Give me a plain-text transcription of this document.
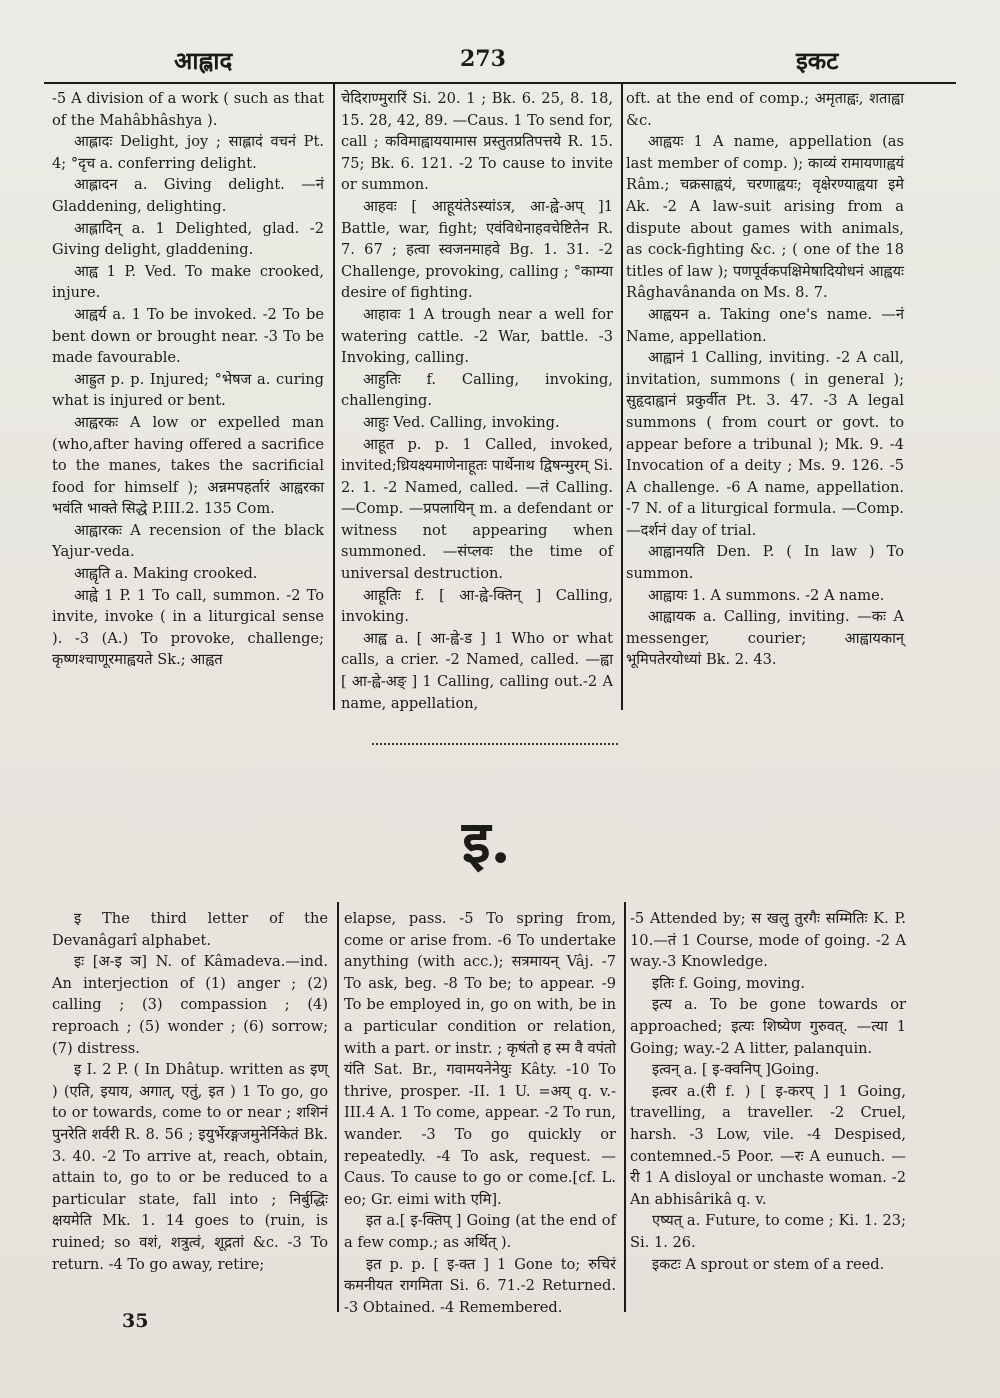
आह्लाद	273	इकट

-5 A division of a work ( such as that of the Mahâbhâshya ).

आह्लादः Delight, joy ; साह्लादं वचनं Pt. 4; °दृच a. conferring delight.

आह्लादन a. Giving delight. —नं Gladdening, delighting.

आह्लादिन् a. 1 Delighted, glad. -2 Giving delight, gladdening.

आह्व 1 P. Ved. To make crooked, injure.

आह्वर्य a. 1 To be invoked. -2 To be bent down or brought near. -3 To be made favourable.

आह्रुत p. p. Injured; °भेषज a. curing what is injured or bent.

आह्वरकः A low or expelled man (who,after having offered a sacrifice to the manes, takes the sacrificial food for himself ); अन्नमपहर्तारं आह्वरका भवंति भाक्ते सिद्धे P.III.2. 135 Com.

आह्वारकः A recension of the black Yajur-veda.

आह्वृति a. Making crooked.

आह्वे 1 P. 1 To call, summon. -2 To invite, invoke ( in a liturgical sense ). -3 (A.) To provoke, challenge; कृष्णश्चाणूरमाह्वयते Sk.; आह्वत

चेदिराण्मुरारिं Si. 20. 1 ; Bk. 6. 25, 8. 18, 15. 28, 42, 89. —Caus. 1 To send for, call ; कविमाह्वाययामास प्रस्तुतप्रतिपत्तये R. 15. 75; Bk. 6. 121. -2 To cause to invite or summon.

आहवः [ आहूयंतेऽस्यांऽत्र, आ-ह्वे-अप् ]1 Battle, war, fight; एवंविधेनाहवचेष्टितेन R. 7. 67 ; हत्वा स्वजनमाहवे Bg. 1. 31. -2 Challenge, provoking, calling ; °काम्या desire of fighting.

आहावः 1 A trough near a well for watering cattle. -2 War, battle. -3 Invoking, calling.

आहुतिः f. Calling, invoking, challenging.

आहुः Ved. Calling, invoking.

आहूत p. p. 1 Called, invoked, invited;ध्रियक्ष्यमाणेनाहूतः पार्थेनाथ द्विषन्मुरम् Si. 2. 1. -2 Named, called. —तं Calling. —Comp. —प्रपलायिन् m. a defendant or witness not appearing when summoned. —संप्लवः the time of universal destruction.

आहूतिः f. [ आ-ह्वे-क्तिन् ] Calling, invoking.

आह्व a. [ आ-ह्वे-ड ] 1 Who or what calls, a crier. -2 Named, called. —ह्वा [ आ-ह्वे-अङ् ] 1 Calling, calling out.-2 A name, appellation,

oft. at the end of comp.; अमृताह्वः, शताह्वा &c.

आह्वयः 1 A name, appellation (as last member of comp. ); काव्यं रामायणाह्वयं Râm.; चक्रसाह्वयं, चरणाह्वयः; वृक्षेरण्याह्वया इमे Ak. -2 A law-suit arising from a dispute about games with animals, as cock-fighting &c. ; ( one of the 18 titles of law ); पणपूर्वकपक्षिमेषादियोधनं आह्वयः Râghavânanda on Ms. 8. 7.

आह्वयन a. Taking one's name. —नं Name, appellation.

आह्वानं 1 Calling, inviting. -2 A call, invitation, summons ( in general ); सुहृदाह्वानं प्रकुर्वीत Pt. 3. 47. -3 A legal summons ( from court or govt. to appear before a tribunal ); Mk. 9. -4 Invocation of a deity ; Ms. 9. 126. -5 A challenge. -6 A name, appellation. -7 N. of a liturgical formula. —Comp. —दर्शनं day of trial.

आह्वानयति Den. P. ( In law ) To summon.

आह्वायः 1. A summons. -2 A name.

आह्वायक a. Calling, inviting. —कः A messenger, courier; आह्वायकान् भूमिपतेरयोध्यां Bk. 2. 43.

इ.

इ The third letter of the Devanâgarî alphabet.

इः [अ-इ ञ] N. of Kâmadeva.—ind. An interjection of (1) anger ; (2) calling ; (3) compassion ; (4) reproach ; (5) wonder ; (6) sorrow; (7) distress.

इ I. 2 P. ( In Dhâtup. written as इण् ) (एति, इयाय, अगात्, एतुं, इत ) 1 To go, go to or towards, come to or near ; शशिनं पुनरेति शर्वरी R. 8. 56 ; इयुर्भेरङ्गजमुनेर्निकेतं Bk. 3. 40. -2 To arrive at, reach, obtain, attain to, go to or be reduced to a particular state, fall into ; निर्बुद्धिः क्षयमेति Mk. 1. 14 goes to (ruin, is ruined; so वशं, शत्रुत्वं, शूद्रतां &c. -3 To return. -4 To go away, retire;

elapse, pass. -5 To spring from, come or arise from. -6 To undertake anything (with acc.); सत्रमायन् Vâj. -7 To ask, beg. -8 To be; to appear. -9 To be employed in, go on with, be in a particular condition or relation, with a part. or instr. ; कृषंतो ह स्म वै वपंतो यंति Sat. Br., गवामयनेनेयुः Kâty. -10 To thrive, prosper. -II. 1 U. =अय् q. v.-III.4 A. 1 To come, appear. -2 To run, wander. -3 To go quickly or repeatedly. -4 To ask, request. —Caus. To cause to go or come.[cf. L. eo; Gr. eimi with एमि].

इत a.[ इ-क्तिप् ] Going (at the end of a few comp.; as अर्थित् ).

इत p. p. [ इ-क्त ] 1 Gone to; रुचिरं कमनीयत रागमिता Si. 6. 71.-2 Returned. -3 Obtained. -4 Remembered.

-5 Attended by; स खलु तुरगैः सम्मितिः K. P. 10.—तं 1 Course, mode of going. -2 A way.-3 Knowledge.

इतिः f. Going, moving.

इत्य a. To be gone towards or approached; इत्यः शिष्येण गुरुवत्. —त्या 1 Going; way.-2 A litter, palanquin.

इत्वन् a. [ इ-क्वनिप् ]Going.

इत्वर a.(री f. ) [ इ-करप् ] 1 Going, travelling, a traveller. -2 Cruel, harsh. -3 Low, vile. -4 Despised, contemned.-5 Poor. —रः A eunuch. —री 1 A disloyal or unchaste woman. -2 An abhisârikâ q. v.

एष्यत् a. Future, to come ; Ki. 1. 23; Si. 1. 26.

इकटः A sprout or stem of a reed.

35
